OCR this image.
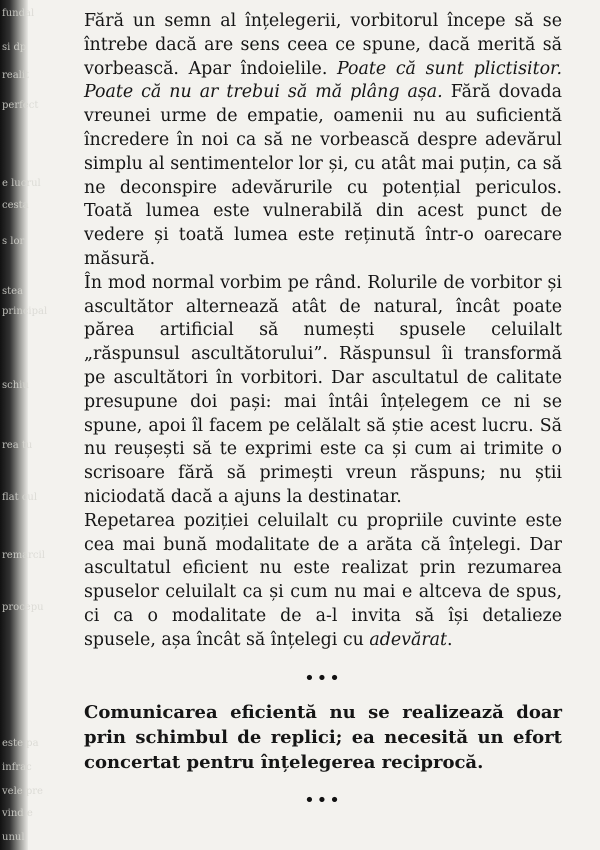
fundal
si dp
realit
perfect
e lucrul
cesta
s lor
stea
principal
schiu
rea tu
flat cul
remarcil
procepu
este pa
infrac
vele pre
vind e
unul

Fără un semn al înțelegerii, vorbitorul începe să se întrebe dacă are sens ceea ce spune, dacă merită să vorbească. Apar îndoielile. Poate că sunt plictisitor. Poate că nu ar trebui să mă plâng așa. Fără dovada vreunei urme de empatie, oamenii nu au suficientă încredere în noi ca să ne vorbească despre adevărul simplu al sentimentelor lor și, cu atât mai puțin, ca să ne deconspire adevărurile cu potențial periculos. Toată lumea este vulnerabilă din acest punct de vedere și toată lumea este reținută într-o oarecare măsură.

În mod normal vorbim pe rând. Rolurile de vorbitor și ascultător alternează atât de natural, încât poate părea artificial să numești spusele celuilalt „răspunsul ascultătorului”. Răspunsul îi transformă pe ascultători în vorbitori. Dar ascultatul de calitate presupune doi pași: mai întâi înțelegem ce ni se spune, apoi îl facem pe celălalt să știe acest lucru. Să nu reușești să te exprimi este ca și cum ai trimite o scrisoare fără să primești vreun răspuns; nu știi niciodată dacă a ajuns la destinatar.

Repetarea poziției celuilalt cu propriile cuvinte este cea mai bună modalitate de a arăta că înțelegi. Dar ascultatul eficient nu este realizat prin rezumarea spuselor celuilalt ca și cum nu mai e altceva de spus, ci ca o modalitate de a-l invita să își detalieze spusele, așa încât să înțelegi cu adevărat.

•••

Comunicarea eficientă nu se realizează doar prin schimbul de replici; ea necesită un efort concertat pentru înțelegerea reciprocă.

•••
